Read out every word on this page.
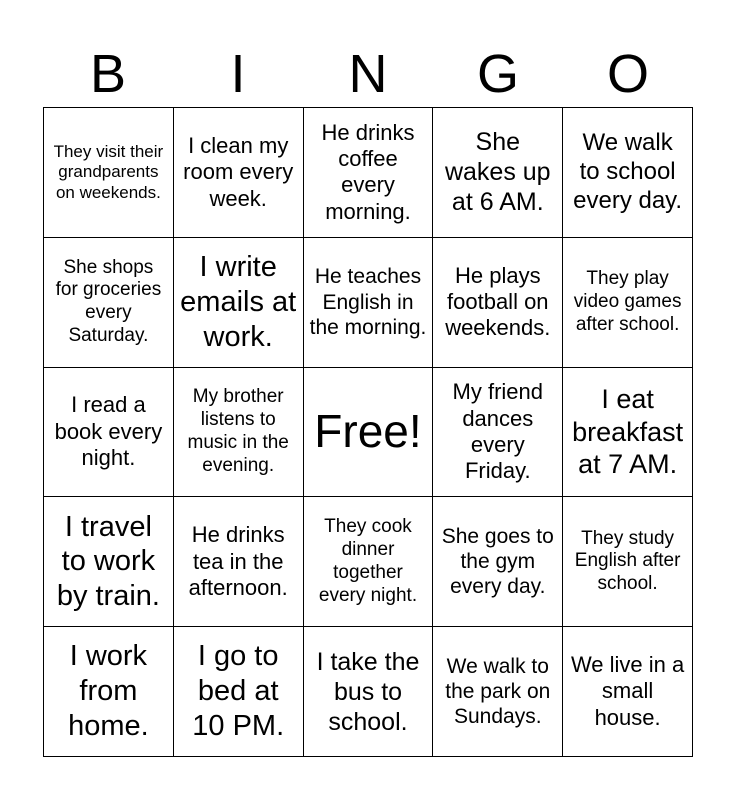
B	I	N	G	O
They visit their grandparents on weekends.
I clean my room every week.
He drinks coffee every morning.
She wakes up at 6 AM.
We walk to school every day.
She shops for groceries every Saturday.
I write emails at work.
He teaches English in the morning.
He plays football on weekends.
They play video games after school.
I read a book every night.
My brother listens to music in the evening.
Free!
My friend dances every Friday.
I eat breakfast at 7 AM.
I travel to work by train.
He drinks tea in the afternoon.
They cook dinner together every night.
She goes to the gym every day.
They study English after school.
I work from home.
I go to bed at 10 PM.
I take the bus to school.
We walk to the park on Sundays.
We live in a small house.
